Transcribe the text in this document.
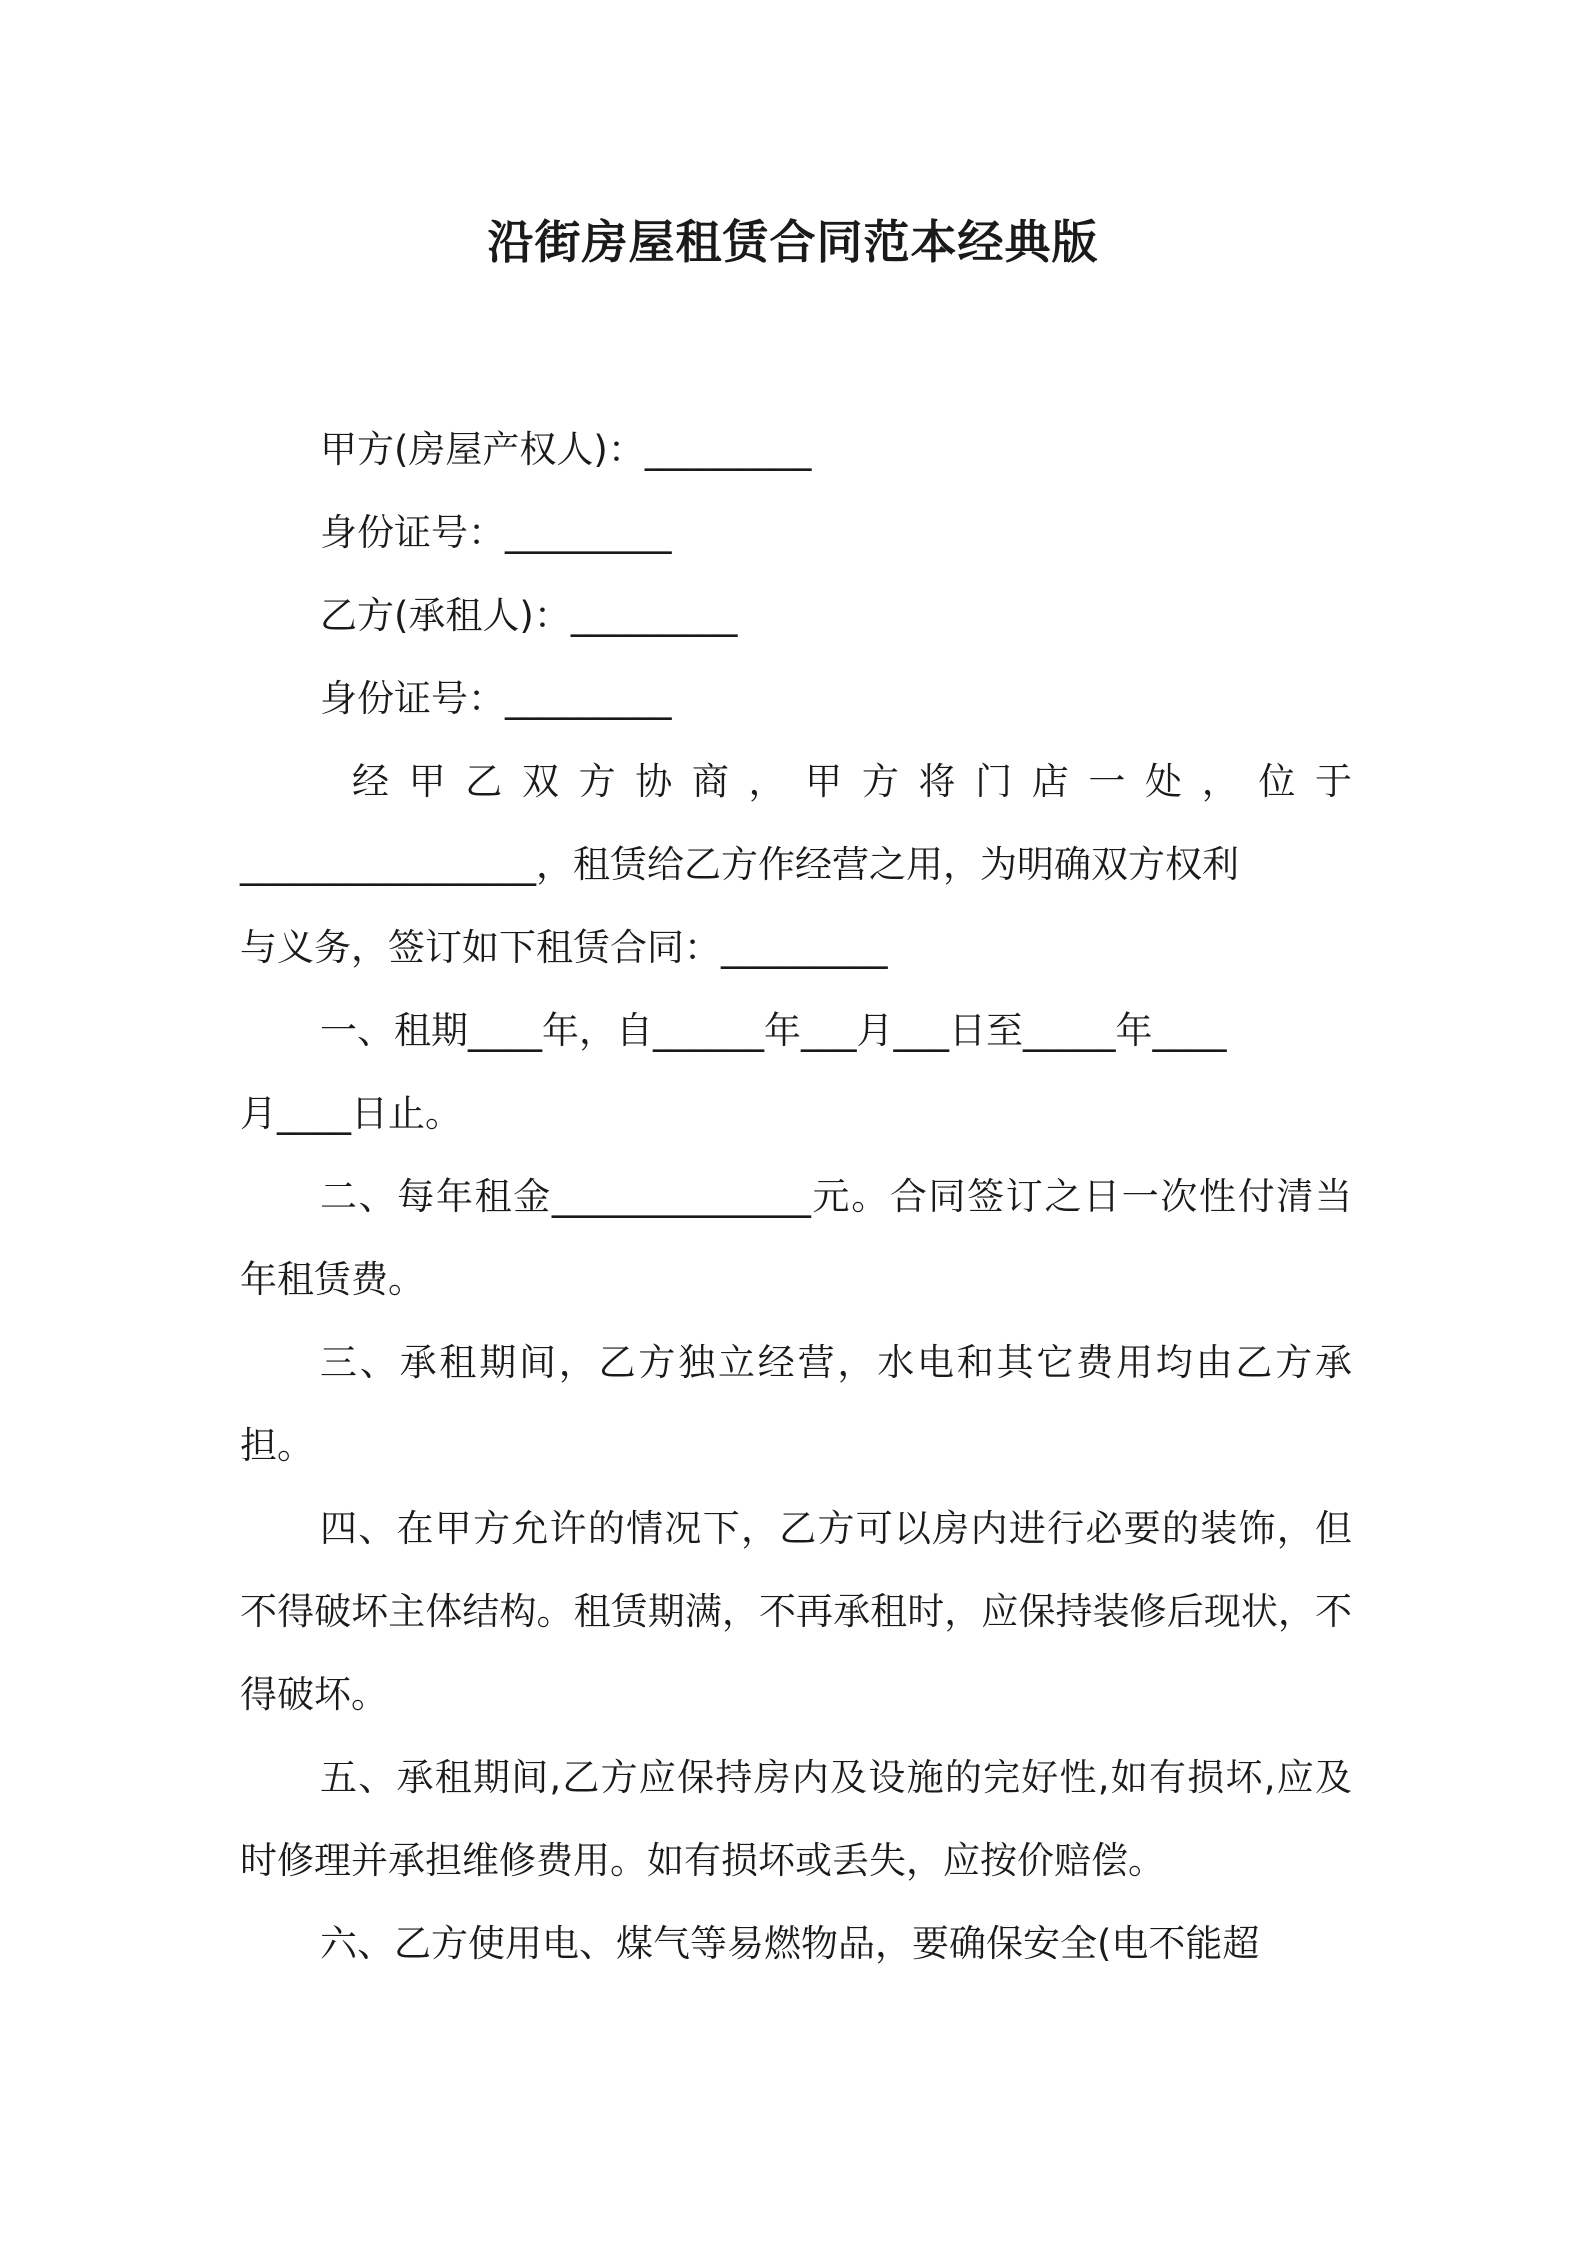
沿街房屋租赁合同范本经典版
甲方(房屋产权人)：_________
身份证号：_________
乙方(承租人)：_________
身份证号：_________
经甲乙双方协商，甲方将门店一处，位于
________________，租赁给乙方作经营之用，为明确双方权利
与义务，签订如下租赁合同：_________
一、租期____年，自______年___月___日至_____年____
月____日止。
二、每年租金______________元。合同签订之日一次性付清当年租赁费。
三、承租期间，乙方独立经营，水电和其它费用均由乙方承担。
四、在甲方允许的情况下，乙方可以房内进行必要的装饰，但不得破坏主体结构。租赁期满，不再承租时，应保持装修后现状，不得破坏。
五、承租期间,乙方应保持房内及设施的完好性,如有损坏,应及时修理并承担维修费用。如有损坏或丢失，应按价赔偿。
六、乙方使用电、煤气等易燃物品，要确保安全(电不能超
